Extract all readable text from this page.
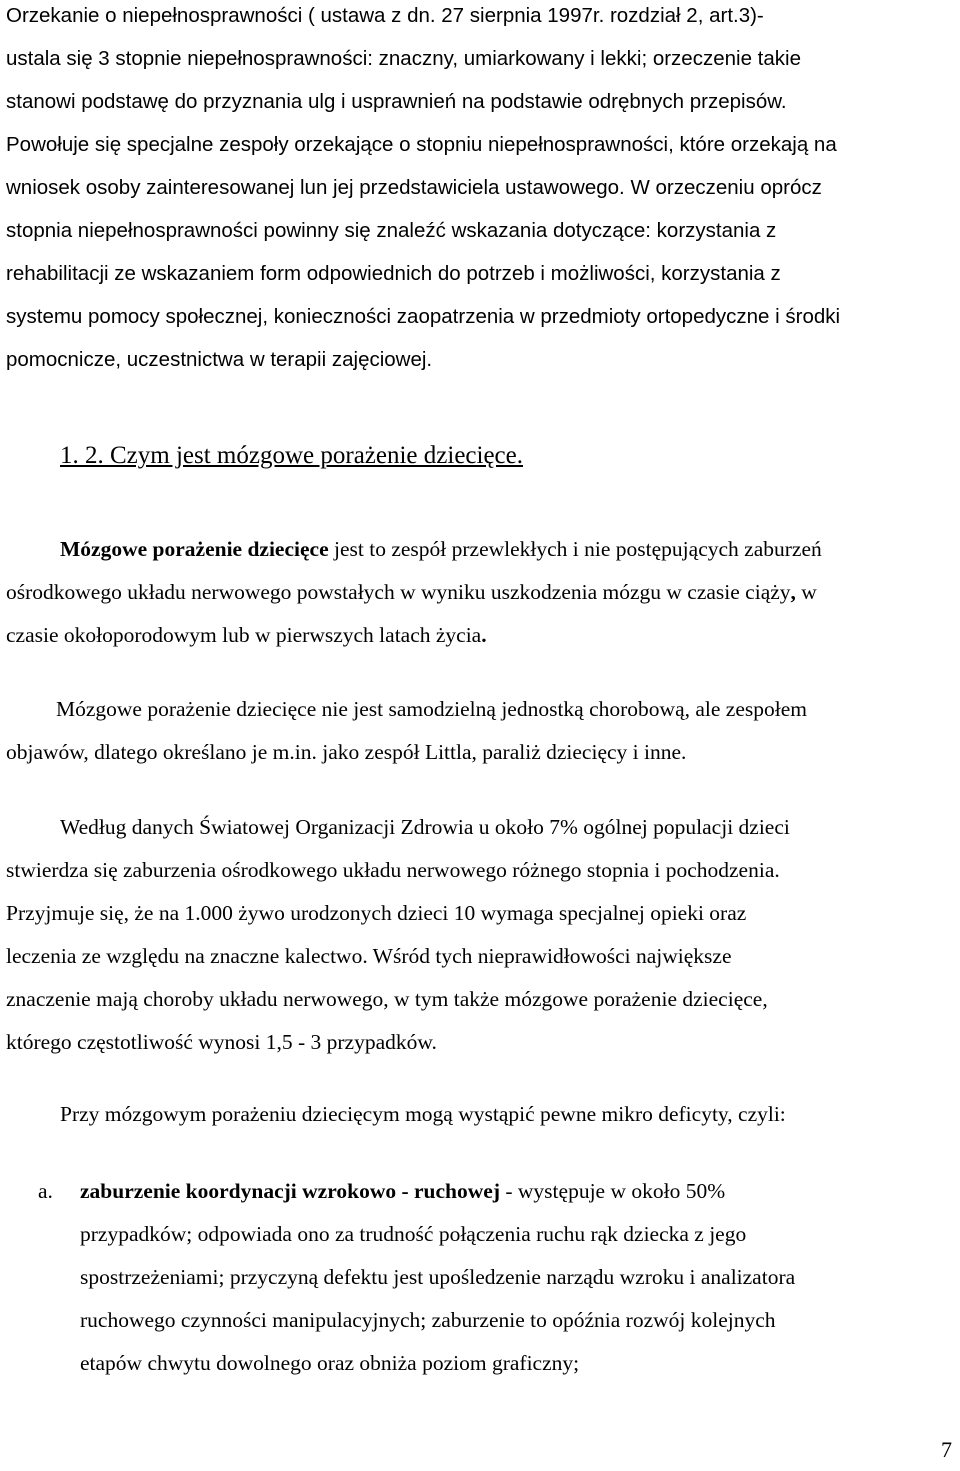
Orzekanie o niepełnosprawności ( ustawa z dn. 27 sierpnia 1997r. rozdział 2, art.3)-
ustala się 3 stopnie niepełnosprawności: znaczny, umiarkowany i lekki; orzeczenie takie
stanowi podstawę do przyznania ulg i usprawnień na podstawie odrębnych przepisów.
Powołuje się specjalne zespoły orzekające o stopniu niepełnosprawności, które orzekają na
wniosek osoby zainteresowanej lun jej przedstawiciela ustawowego. W orzeczeniu oprócz
stopnia niepełnosprawności powinny się znaleźć wskazania dotyczące: korzystania z
rehabilitacji ze wskazaniem form odpowiednich do potrzeb i możliwości, korzystania z
systemu pomocy społecznej, konieczności zaopatrzenia w przedmioty ortopedyczne i środki
pomocnicze, uczestnictwa w terapii zajęciowej.
1. 2. Czym jest mózgowe porażenie dziecięce.
Mózgowe porażenie dziecięce jest to zespół przewlekłych i nie postępujących zaburzeń
ośrodkowego układu nerwowego powstałych w wyniku uszkodzenia mózgu w czasie ciąży, w
czasie okołoporodowym lub w pierwszych latach życia.
Mózgowe porażenie dziecięce nie jest samodzielną jednostką chorobową, ale zespołem
objawów, dlatego określano je m.in. jako zespół Littla, paraliż dziecięcy i inne.
Według danych Światowej Organizacji Zdrowia u około 7% ogólnej populacji dzieci
stwierdza się zaburzenia ośrodkowego układu nerwowego różnego stopnia i pochodzenia.
Przyjmuje się, że na 1.000 żywo urodzonych dzieci 10 wymaga specjalnej opieki oraz
leczenia ze względu na znaczne kalectwo. Wśród tych nieprawidłowości największe
znaczenie mają choroby układu nerwowego, w tym także mózgowe porażenie dziecięce,
którego częstotliwość wynosi 1,5 - 3 przypadków.
Przy mózgowym porażeniu dziecięcym mogą wystąpić pewne mikro deficyty, czyli:
a. zaburzenie koordynacji wzrokowo - ruchowej - występuje w około 50%
przypadków; odpowiada ono za trudność połączenia ruchu rąk dziecka z jego
spostrzeżeniami; przyczyną defektu jest upośledzenie narządu wzroku i analizatora
ruchowego czynności manipulacyjnych; zaburzenie to opóźnia rozwój kolejnych
etapów chwytu dowolnego oraz obniża poziom graficzny;
7
